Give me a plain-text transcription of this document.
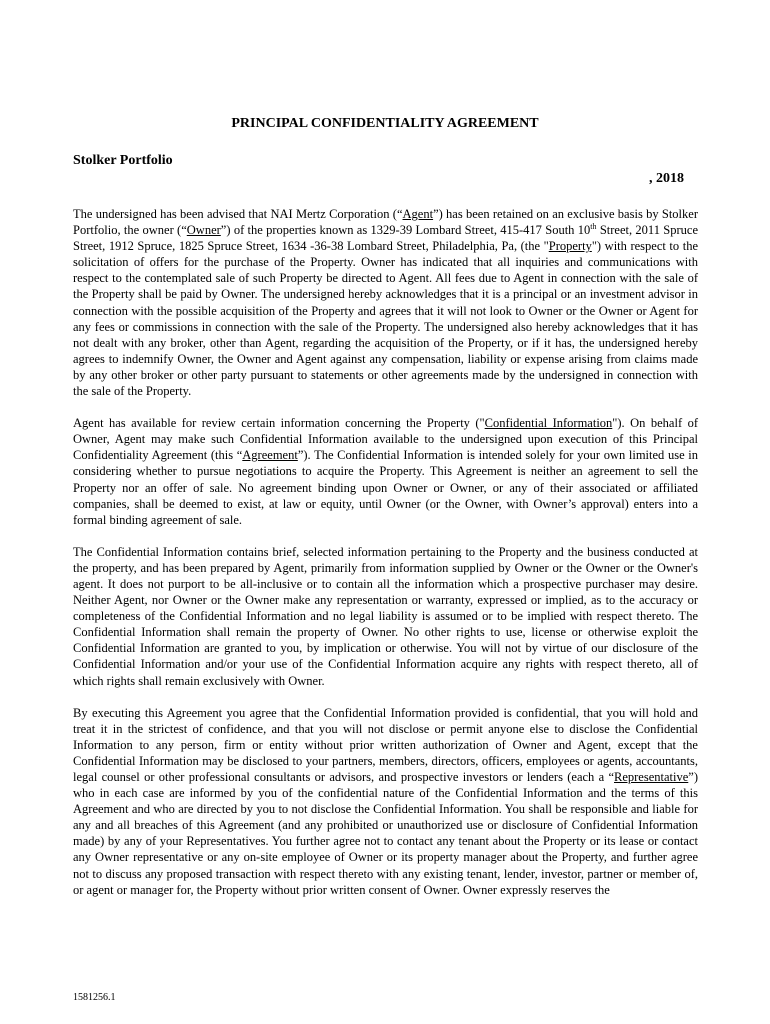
PRINCIPAL CONFIDENTIALITY AGREEMENT
Stolker Portfolio
, 2018

The undersigned has been advised that NAI Mertz Corporation (“Agent”) has been retained on an exclusive basis by Stolker Portfolio, the owner (“Owner”) of the properties known as 1329-39 Lombard Street, 415-417 South 10th Street, 2011 Spruce Street, 1912 Spruce, 1825 Spruce Street, 1634 -36-38 Lombard Street, Philadelphia, Pa, (the "Property") with respect to the solicitation of offers for the purchase of the Property. Owner has indicated that all inquiries and communications with respect to the contemplated sale of such Property be directed to Agent. All fees due to Agent in connection with the sale of the Property shall be paid by Owner. The undersigned hereby acknowledges that it is a principal or an investment advisor in connection with the possible acquisition of the Property and agrees that it will not look to Owner or the Owner or Agent for any fees or commissions in connection with the sale of the Property. The undersigned also hereby acknowledges that it has not dealt with any broker, other than Agent, regarding the acquisition of the Property, or if it has, the undersigned hereby agrees to indemnify Owner, the Owner and Agent against any compensation, liability or expense arising from claims made by any other broker or other party pursuant to statements or other agreements made by the undersigned in connection with the sale of the Property.

Agent has available for review certain information concerning the Property ("Confidential Information"). On behalf of Owner, Agent may make such Confidential Information available to the undersigned upon execution of this Principal Confidentiality Agreement (this “Agreement”). The Confidential Information is intended solely for your own limited use in considering whether to pursue negotiations to acquire the Property. This Agreement is neither an agreement to sell the Property nor an offer of sale. No agreement binding upon Owner or Owner, or any of their associated or affiliated companies, shall be deemed to exist, at law or equity, until Owner (or the Owner, with Owner’s approval) enters into a formal binding agreement of sale.

The Confidential Information contains brief, selected information pertaining to the Property and the business conducted at the property, and has been prepared by Agent, primarily from information supplied by Owner or the Owner or the Owner's agent. It does not purport to be all-inclusive or to contain all the information which a prospective purchaser may desire. Neither Agent, nor Owner or the Owner make any representation or warranty, expressed or implied, as to the accuracy or completeness of the Confidential Information and no legal liability is assumed or to be implied with respect thereto. The Confidential Information shall remain the property of Owner. No other rights to use, license or otherwise exploit the Confidential Information are granted to you, by implication or otherwise. You will not by virtue of our disclosure of the Confidential Information and/or your use of the Confidential Information acquire any rights with respect thereto, all of which rights shall remain exclusively with Owner.

By executing this Agreement you agree that the Confidential Information provided is confidential, that you will hold and treat it in the strictest of confidence, and that you will not disclose or permit anyone else to disclose the Confidential Information to any person, firm or entity without prior written authorization of Owner and Agent, except that the Confidential Information may be disclosed to your partners, members, directors, officers, employees or agents, accountants, legal counsel or other professional consultants or advisors, and prospective investors or lenders (each a “Representative”) who in each case are informed by you of the confidential nature of the Confidential Information and the terms of this Agreement and who are directed by you to not disclose the Confidential Information. You shall be responsible and liable for any and all breaches of this Agreement (and any prohibited or unauthorized use or disclosure of Confidential Information made) by any of your Representatives. You further agree not to contact any tenant about the Property or its lease or contact any Owner representative or any on-site employee of Owner or its property manager about the Property, and further agree not to discuss any proposed transaction with respect thereto with any existing tenant, lender, investor, partner or member of, or agent or manager for, the Property without prior written consent of Owner. Owner expressly reserves the

1581256.1
